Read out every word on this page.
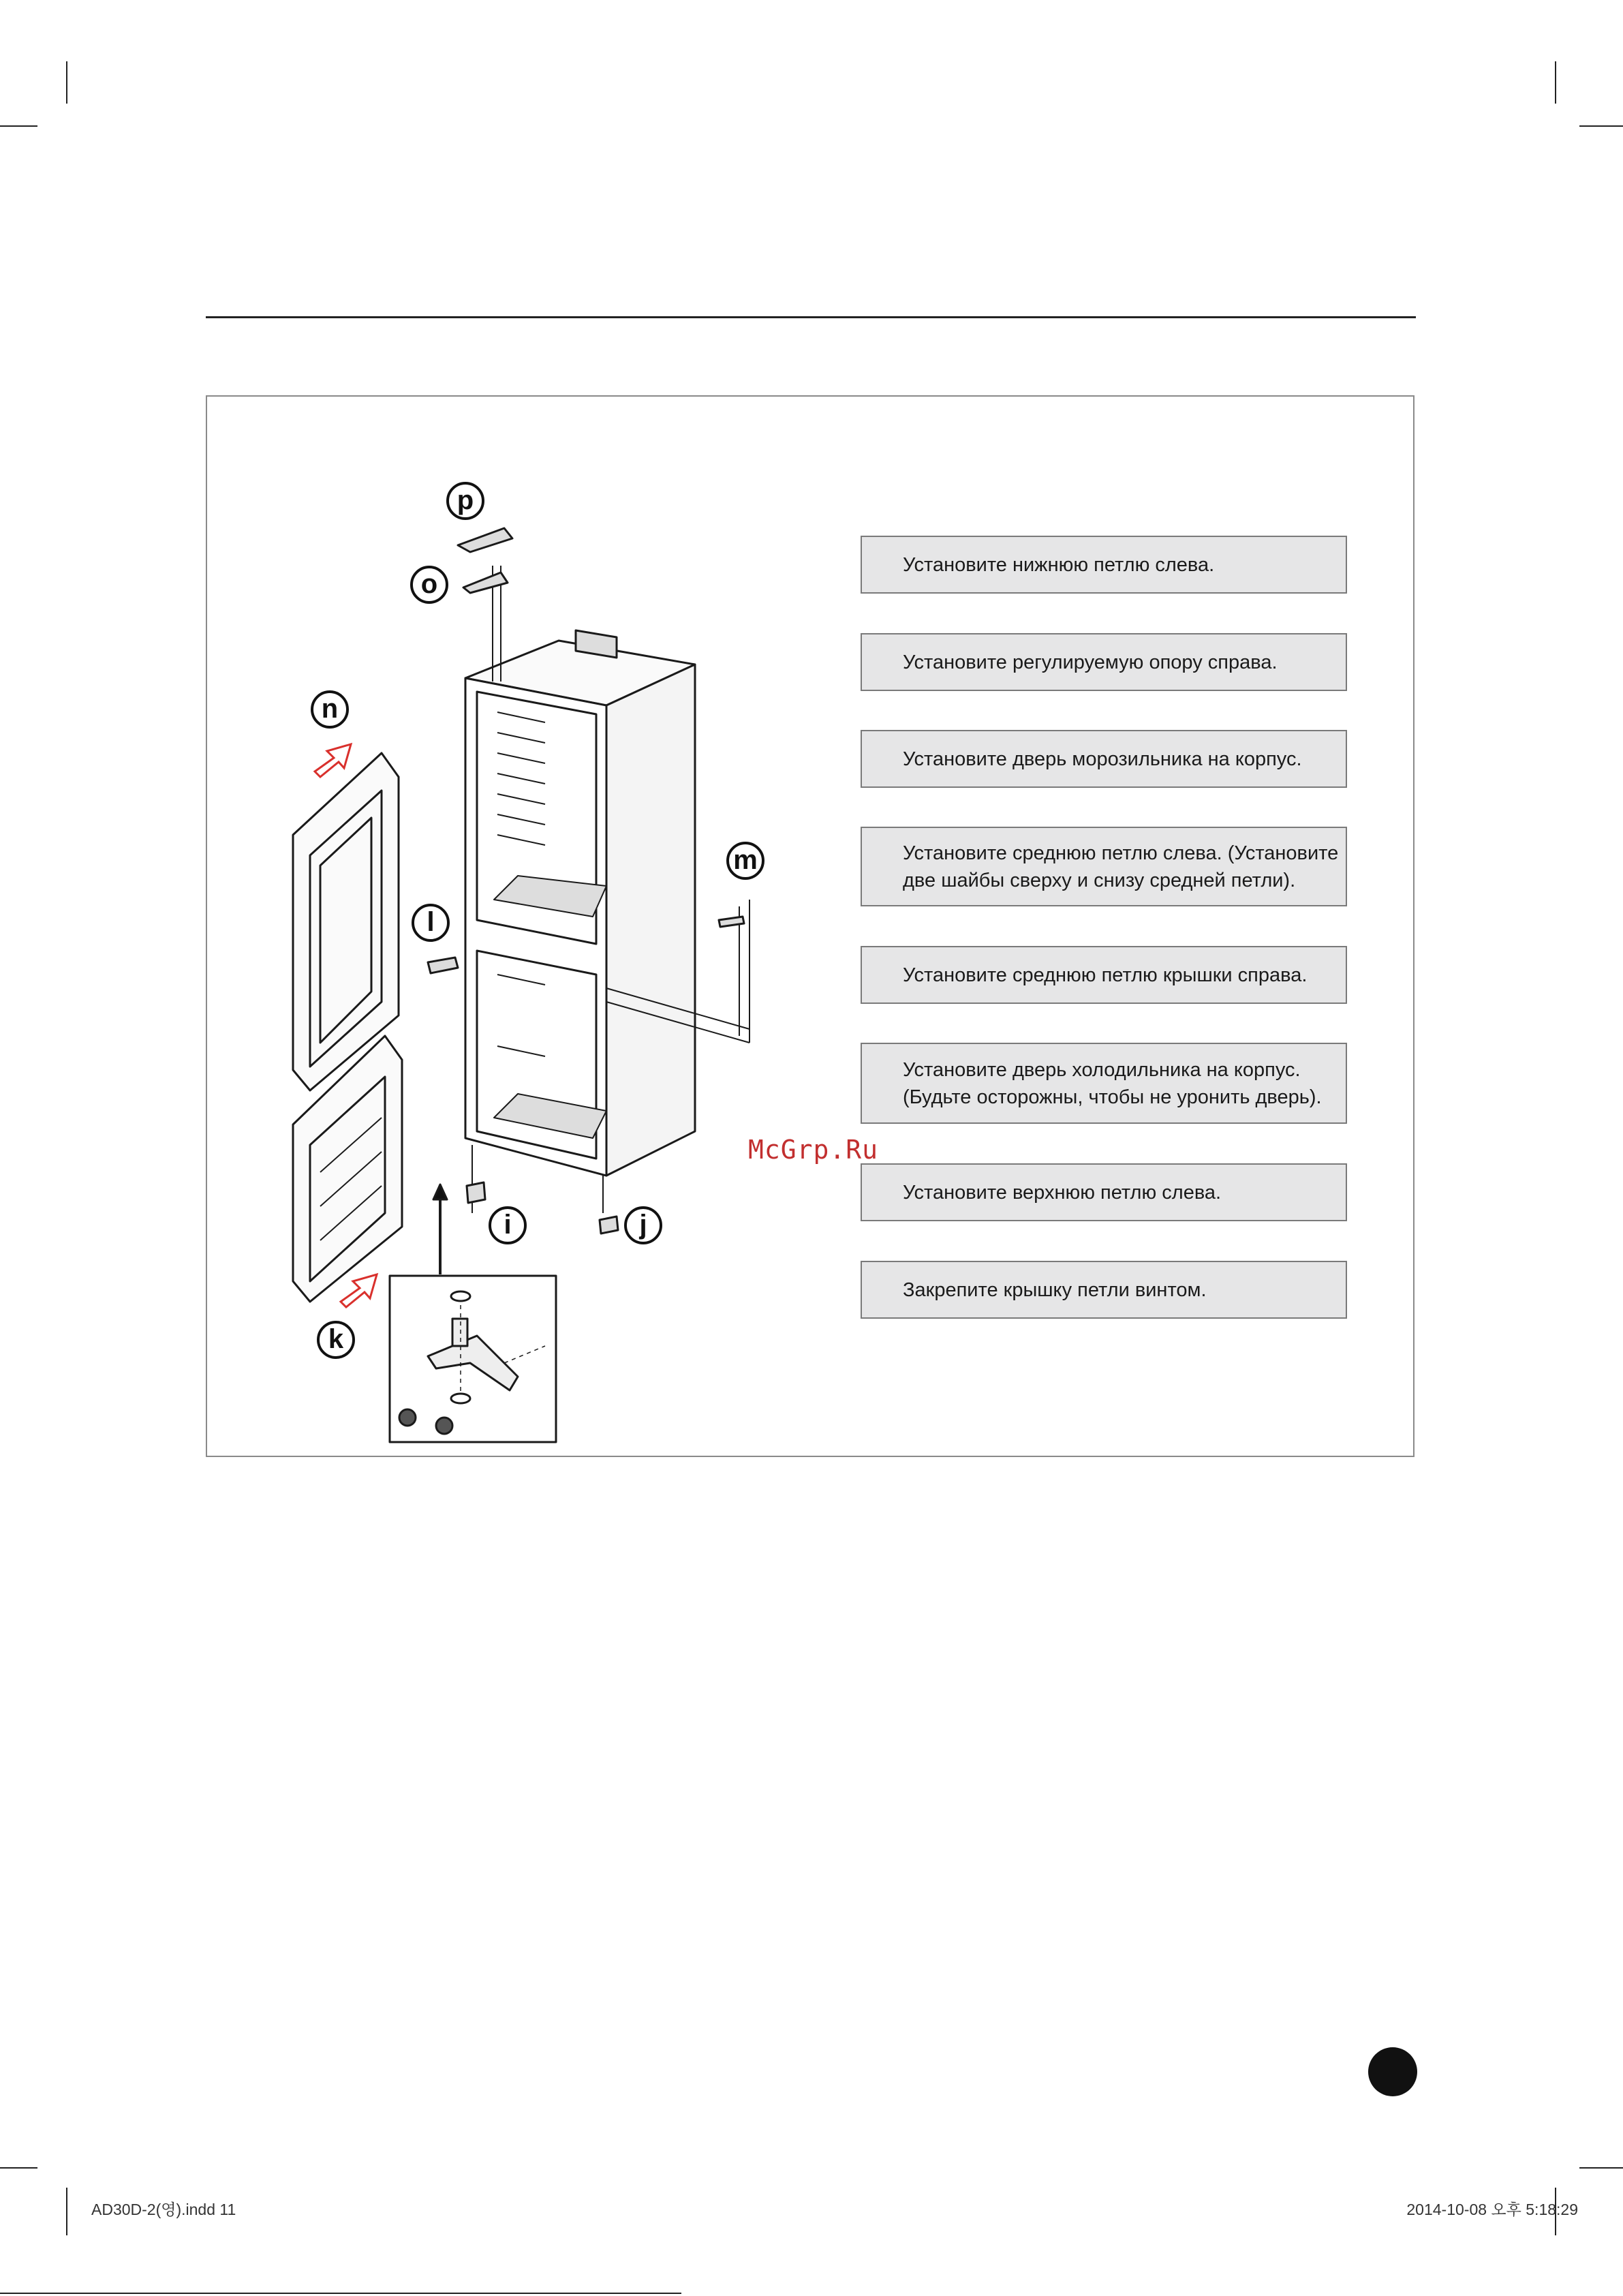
p
o
n
m
l
i	j
k
Установите нижнюю петлю слева.
Установите регулируемую опору справа.
Установите дверь морозильника на корпус.
Установите среднюю петлю слева. (Установите
две шайбы сверху и снизу средней петли).
Установите среднюю петлю крышки справа.
Установите дверь холодильника на корпус.
(Будьте осторожны, чтобы не уронить дверь).
Установите верхнюю петлю слева.
Закрепите крышку петли винтом.
McGrp.Ru
AD30D-2(영).indd 11	2014-10-08 오후 5:18:29
